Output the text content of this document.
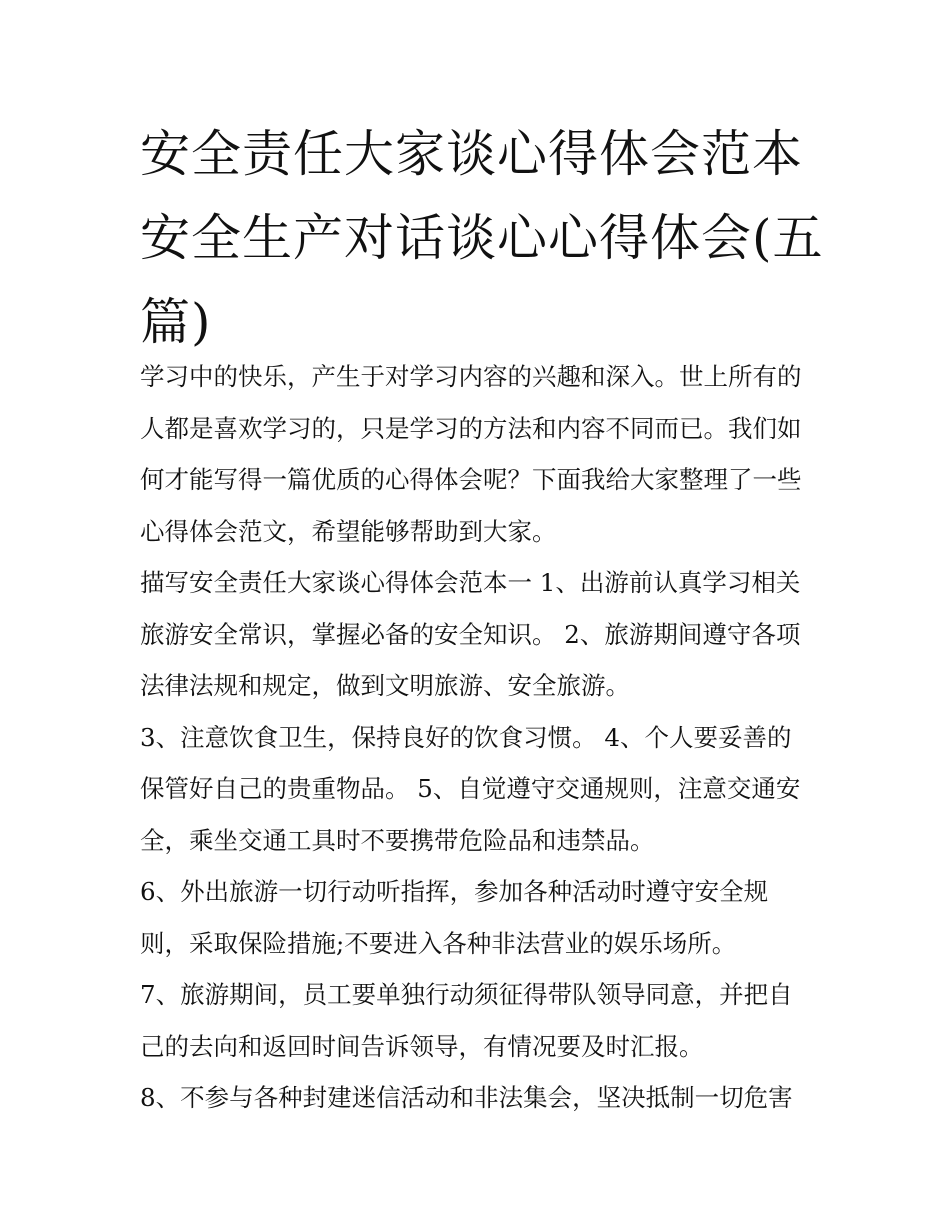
安全责任大家谈心得体会范本
安全生产对话谈心心得体会(五
篇)
学习中的快乐，产生于对学习内容的兴趣和深入。世上所有的
人都是喜欢学习的，只是学习的方法和内容不同而已。我们如
何才能写得一篇优质的心得体会呢？下面我给大家整理了一些
心得体会范文，希望能够帮助到大家。
描写安全责任大家谈心得体会范本一 1、出游前认真学习相关
旅游安全常识，掌握必备的安全知识。 2、旅游期间遵守各项
法律法规和规定，做到文明旅游、安全旅游。
3、注意饮食卫生，保持良好的饮食习惯。 4、个人要妥善的
保管好自己的贵重物品。 5、自觉遵守交通规则，注意交通安
全，乘坐交通工具时不要携带危险品和违禁品。
6、外出旅游一切行动听指挥，参加各种活动时遵守安全规
则，采取保险措施;不要进入各种非法营业的娱乐场所。
7、旅游期间，员工要单独行动须征得带队领导同意，并把自
己的去向和返回时间告诉领导，有情况要及时汇报。
8、不参与各种封建迷信活动和非法集会，坚决抵制一切危害
